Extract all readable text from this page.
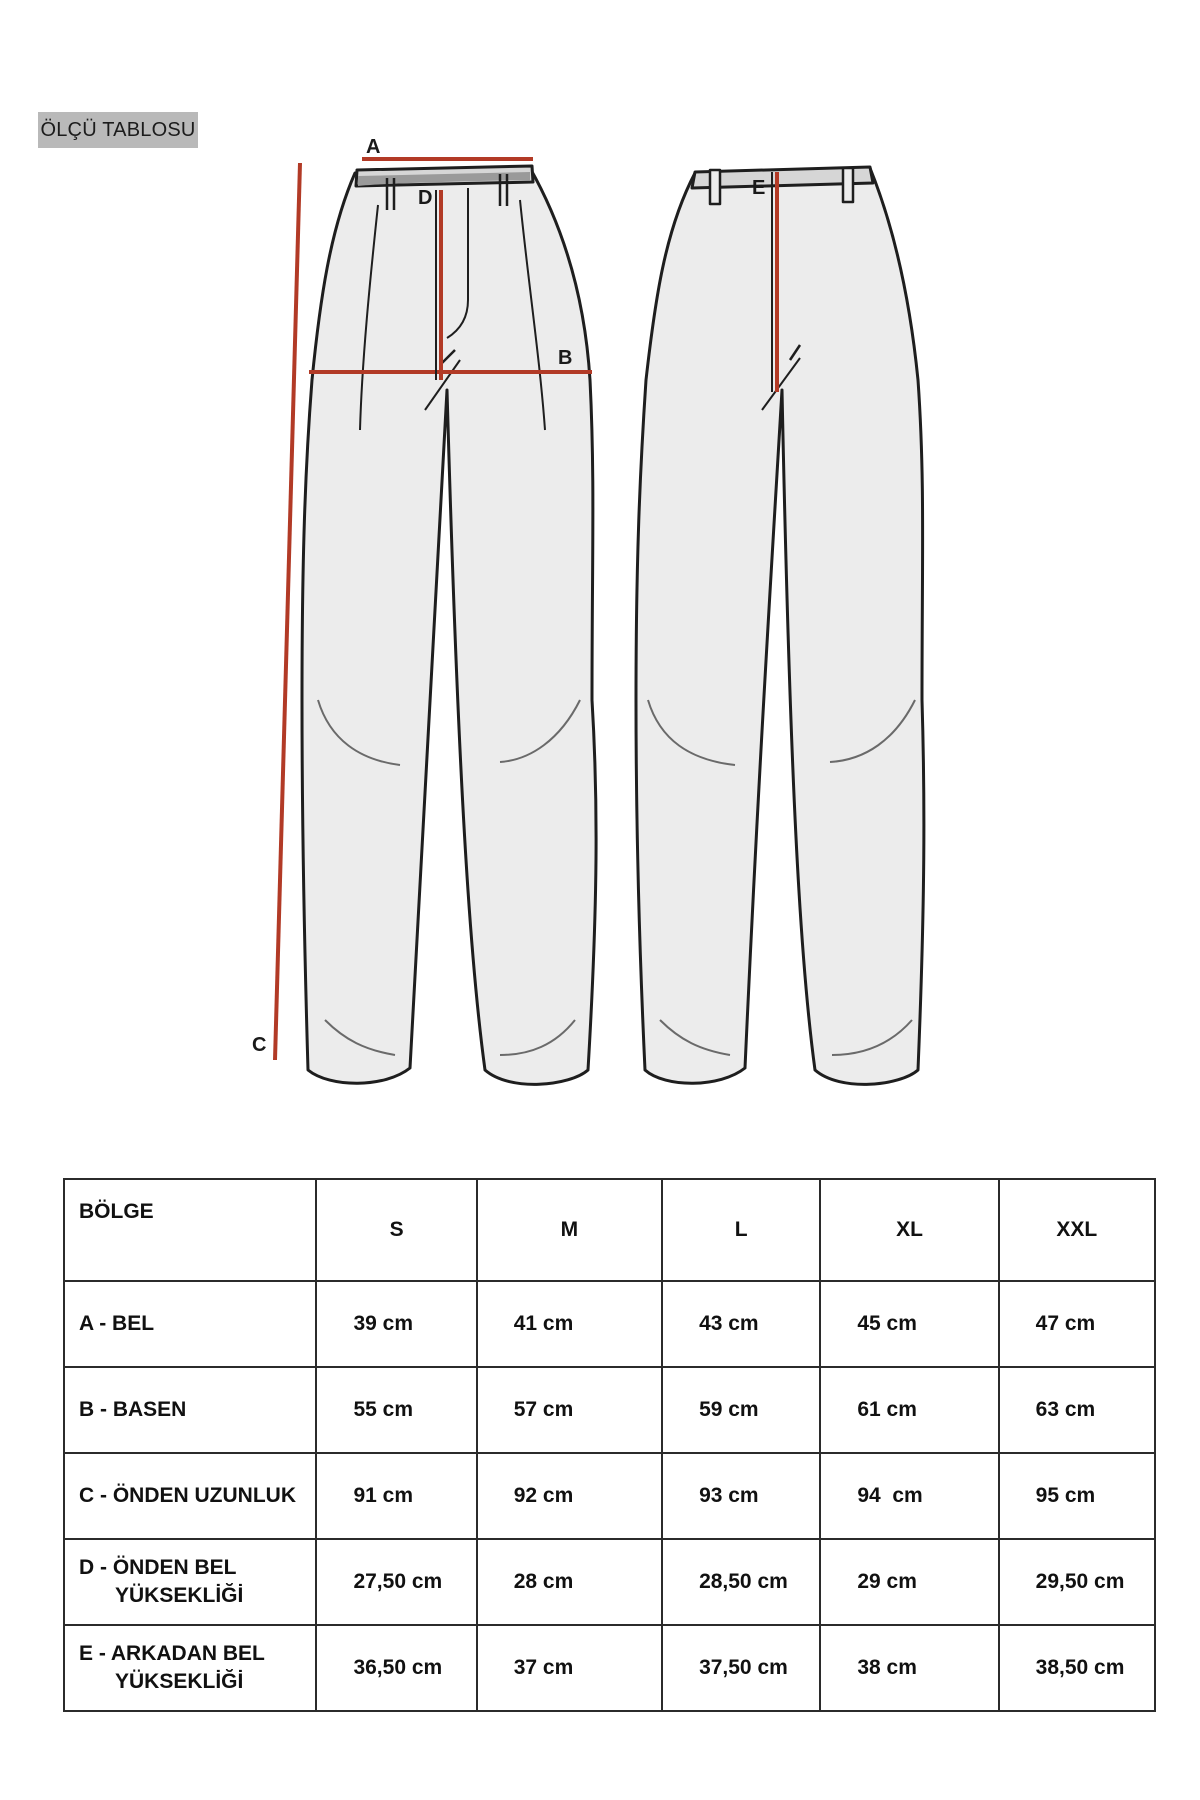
ÖLÇÜ TABLOSU
A
B
C
D	E
BÖLGE	S	M	L	XL	XXL
A - BEL	39 cm	41 cm	43 cm	45 cm	47 cm
B - BASEN	55 cm	57 cm	59 cm	61 cm	63 cm
C - ÖNDEN UZUNLUK	91 cm	92 cm	93 cm	94  cm	95 cm
D - ÖNDEN BEL
YÜKSEKLİĞİ	27,50 cm	28 cm	28,50 cm	29 cm	29,50 cm
E - ARKADAN BEL
YÜKSEKLİĞİ	36,50 cm	37 cm	37,50 cm	38 cm	38,50 cm
